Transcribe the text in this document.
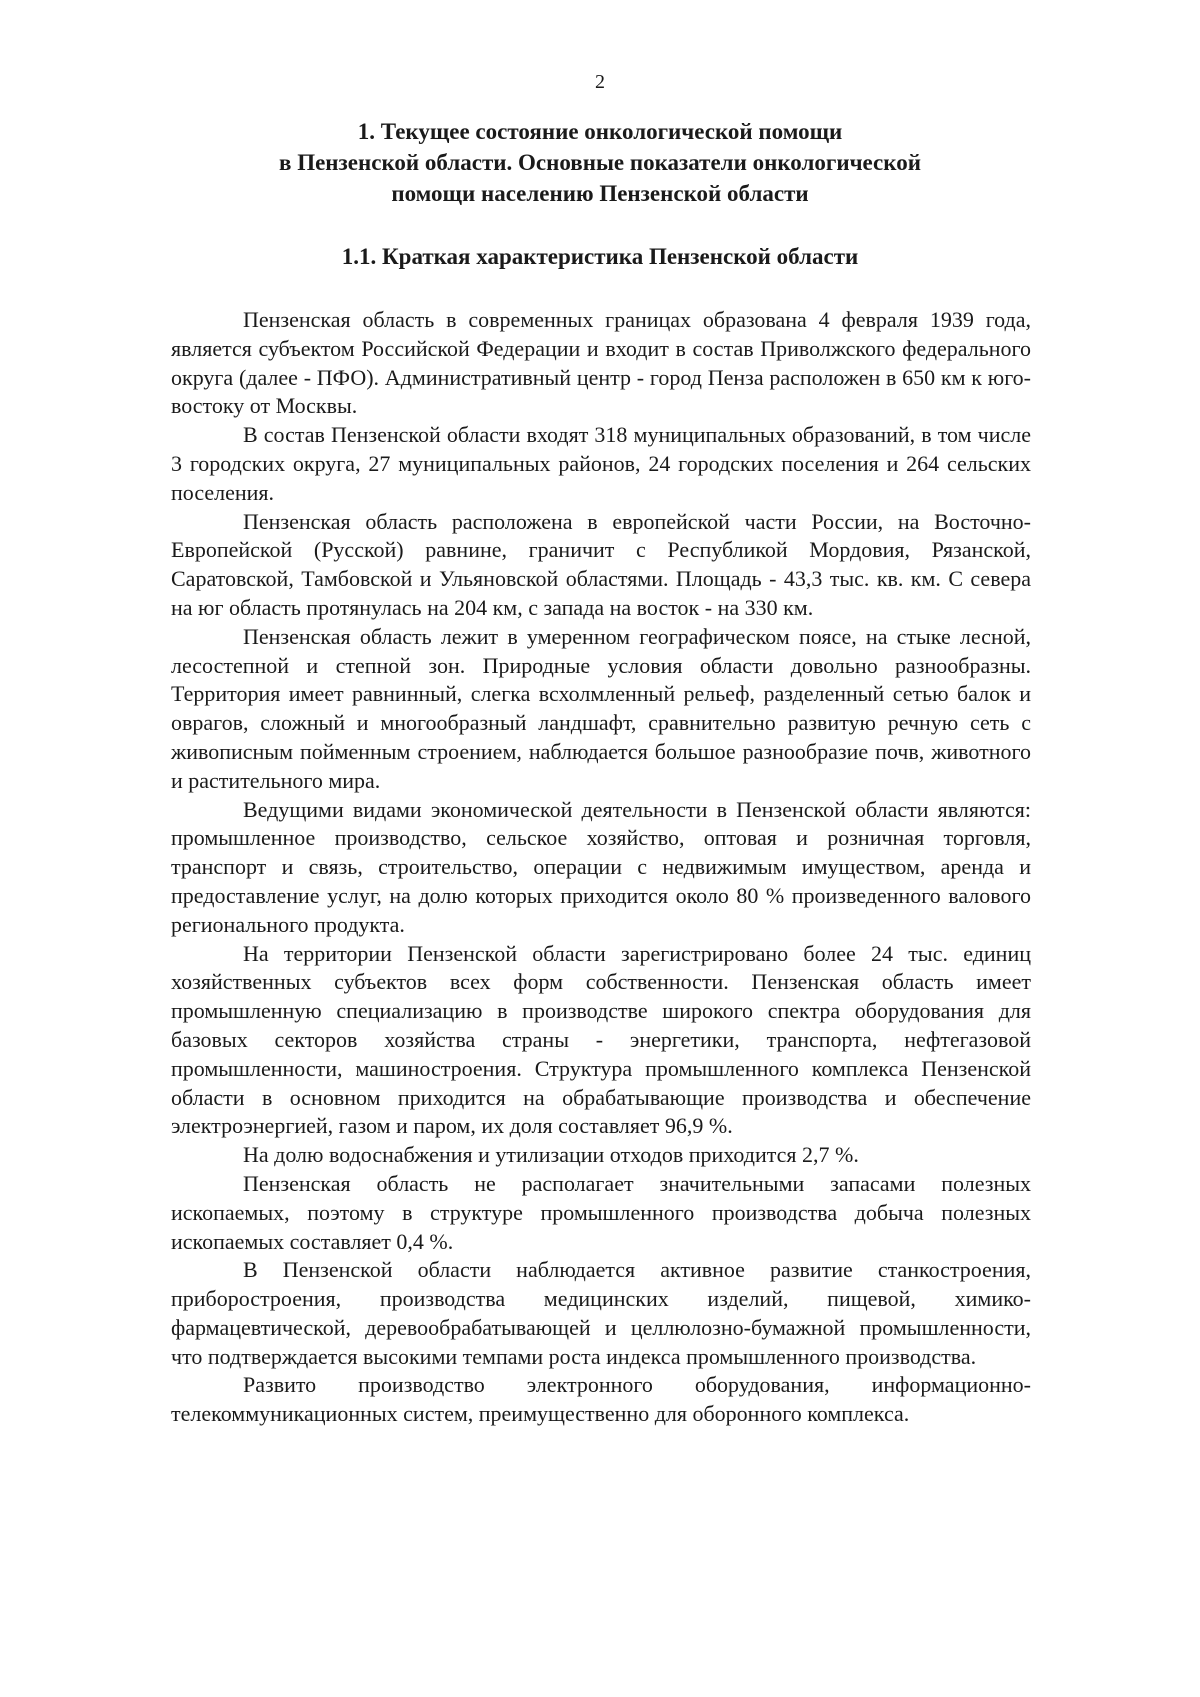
2
1. Текущее состояние онкологической помощи
в Пензенской области. Основные показатели онкологической
помощи населению Пензенской области
1.1. Краткая характеристика Пензенской области

Пензенская область в современных границах образована 4 февраля 1939 года, является субъектом Российской Федерации и входит в состав Приволжского федерального округа (далее - ПФО). Административный центр - город Пенза расположен в 650 км к юго-востоку от Москвы.

В состав Пензенской области входят 318 муниципальных образований, в том числе 3 городских округа, 27 муниципальных районов, 24 городских поселения и 264 сельских поселения.

Пензенская область расположена в европейской части России, на Восточно-Европейской (Русской) равнине, граничит с Республикой Мордовия, Рязанской, Саратовской, Тамбовской и Ульяновской областями. Площадь - 43,3 тыс. кв. км. С севера на юг область протянулась на 204 км, с запада на восток - на 330 км.

Пензенская область лежит в умеренном географическом поясе, на стыке лесной, лесостепной и степной зон. Природные условия области довольно разнообразны. Территория имеет равнинный, слегка всхолмленный рельеф, разделенный сетью балок и оврагов, сложный и многообразный ландшафт, сравнительно развитую речную сеть с живописным пойменным строением, наблюдается большое разнообразие почв, животного и растительного мира.

Ведущими видами экономической деятельности в Пензенской области являются: промышленное производство, сельское хозяйство, оптовая и розничная торговля, транспорт и связь, строительство, операции с недвижимым имуществом, аренда и предоставление услуг, на долю которых приходится около 80 % произведенного валового регионального продукта.

На территории Пензенской области зарегистрировано более 24 тыс. единиц хозяйственных субъектов всех форм собственности. Пензенская область имеет промышленную специализацию в производстве широкого спектра оборудования для базовых секторов хозяйства страны - энергетики, транспорта, нефтегазовой промышленности, машиностроения. Структура промышленного комплекса Пензенской области в основном приходится на обрабатывающие производства и обеспечение электроэнергией, газом и паром, их доля составляет 96,9 %.

На долю водоснабжения и утилизации отходов приходится 2,7 %.

Пензенская область не располагает значительными запасами полезных ископаемых, поэтому в структуре промышленного производства добыча полезных ископаемых составляет 0,4 %.

В Пензенской области наблюдается активное развитие станкостроения, приборостроения, производства медицинских изделий, пищевой, химико-фармацевтической, деревообрабатывающей и целлюлозно-бумажной промышленности, что подтверждается высокими темпами роста индекса промышленного производства.

Развито производство электронного оборудования, информационно-телекоммуникационных систем, преимущественно для оборонного комплекса.
